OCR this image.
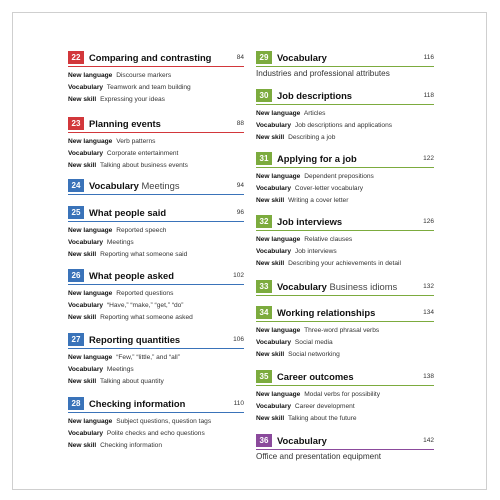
22 Comparing and contrasting	84
New language Discourse markers
Vocabulary Teamwork and team building
New skill Expressing your ideas
23 Planning events	88
New language Verb patterns
Vocabulary Corporate entertainment
New skill Talking about business events
24 Vocabulary Meetings	94
25 What people said	96
New language Reported speech
Vocabulary Meetings
New skill Reporting what someone said
26 What people asked	102
New language Reported questions
Vocabulary “Have,” “make,” “get,” “do”
New skill Reporting what someone asked
27 Reporting quantities	106
New language “Few,” “little,” and “all”
Vocabulary Meetings
New skill Talking about quantity
28 Checking information	110
New language Subject questions, question tags
Vocabulary Polite checks and echo questions
New skill Checking information
29 Vocabulary	116
Industries and professional attributes
30 Job descriptions	118
New language Articles
Vocabulary Job descriptions and applications
New skill Describing a job
31 Applying for a job	122
New language Dependent prepositions
Vocabulary Cover-letter vocabulary
New skill Writing a cover letter
32 Job interviews	126
New language Relative clauses
Vocabulary Job interviews
New skill Describing your achievements in detail
33 Vocabulary Business idioms	132
34 Working relationships	134
New language Three-word phrasal verbs
Vocabulary Social media
New skill Social networking
35 Career outcomes	138
New language Modal verbs for possibility
Vocabulary Career development
New skill Talking about the future
36 Vocabulary	142
Office and presentation equipment
